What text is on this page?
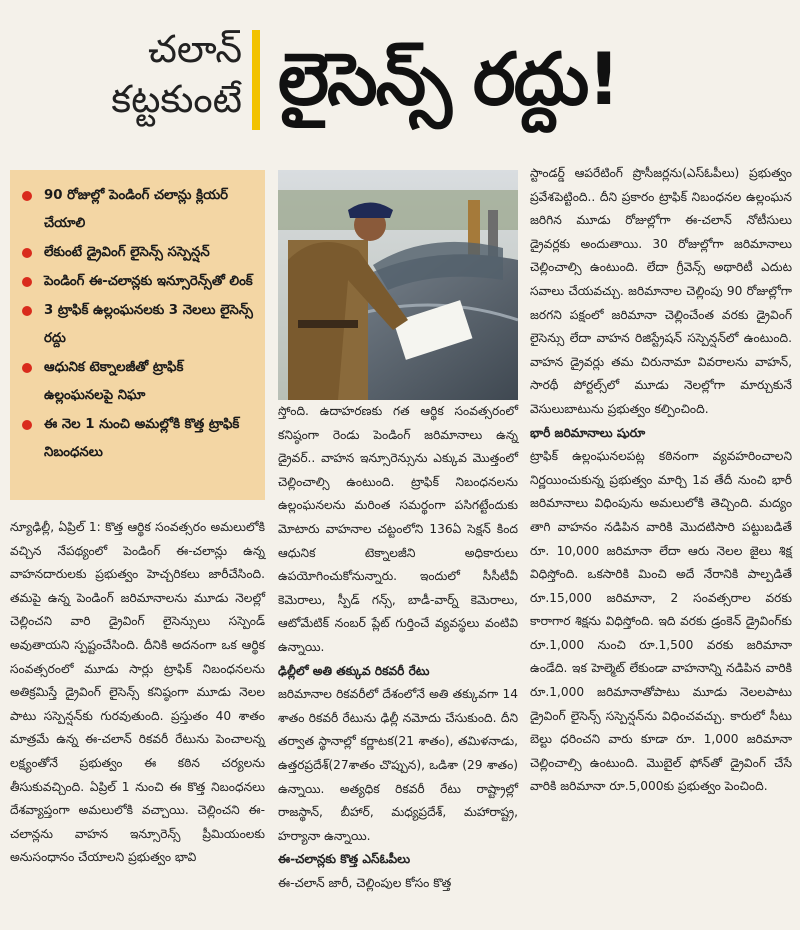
చలాన్
కట్టకుంటే లైసెన్స్ రద్దు!
90 రోజుల్లో పెండింగ్ చలాన్లు క్లియర్ చేయాలి
లేకుంటే డ్రైవింగ్ లైసెన్స్ సస్పెన్షన్
పెండింగ్ ఈ-చలాన్లకు ఇన్సూరెన్స్‌తో లింక్
3 ట్రాఫిక్ ఉల్లంఘనలకు 3 నెలలు లైసెన్స్ రద్దు
ఆధునిక టెక్నాలజీతో ట్రాఫిక్ ఉల్లంఘనలపై నిఘా
ఈ నెల 1 నుంచి అమల్లోకి కొత్త ట్రాఫిక్ నిబంధనలు

న్యూఢిల్లీ, ఏప్రిల్ 1: కొత్త ఆర్థిక సంవత్సరం అమలులోకి వచ్చిన నేపథ్యంలో పెండింగ్ ఈ-చలాన్లు ఉన్న వాహనదారులకు ప్రభుత్వం హెచ్చరికలు జారీచేసింది. తమపై ఉన్న పెండింగ్ జరిమానాలను మూడు నెలల్లో చెల్లించని వారి డ్రైవింగ్ లైసెన్సులు సస్పెండ్ అవుతాయని స్పష్టంచేసింది. దీనికి అదనంగా ఒక ఆర్థిక సంవత్సరంలో మూడు సార్లు ట్రాఫిక్ నిబంధనలను అతిక్రమిస్తే డ్రైవింగ్ లైసెన్స్ కనిష్ఠంగా మూడు నెలల పాటు సస్పెన్షన్‌కు గురవుతుంది. ప్రస్తుతం 40 శాతం మాత్రమే ఉన్న ఈ-చలాన్ రికవరీ రేటును పెంచాలన్న లక్ష్యంతోనే ప్రభుత్వం ఈ కఠిన చర్యలను తీసుకువచ్చింది. ఏప్రిల్ 1 నుంచి ఈ కొత్త నిబంధనలు దేశవ్యాప్తంగా అమలులోకి వచ్చాయి. చెల్లించని ఈ-చలాన్లను వాహన ఇన్సూరెన్స్ ప్రీమియంలకు అనుసంధానం చేయాలని ప్రభుత్వం భావి

స్తోంది. ఉదాహరణకు గత ఆర్థిక సంవత్సరంలో కనిష్ఠంగా రెండు పెండింగ్ జరిమానాలు ఉన్న డ్రైవర్.. వాహన ఇన్సూరెన్సును ఎక్కువ మొత్తంలో చెల్లించాల్సి ఉంటుంది. ట్రాఫిక్ నిబంధనలను ఉల్లంఘనలను మరింత సమర్థంగా పసిగట్టేందుకు మోటారు వాహనాల చట్టంలోని 136ఏ సెక్షన్ కింద ఆధునిక టెక్నాలజీని అధికారులు ఉపయోగించుకోనున్నారు. ఇందులో సీసీటీవీ కెమెరాలు, స్పీడ్ గన్స్, బాడీ-వార్న్ కెమెరాలు, ఆటోమేటిక్ నంబర్ ప్లేట్ గుర్తించే వ్యవస్థలు వంటివి ఉన్నాయి.

ఢిల్లీలో అతి తక్కువ రికవరీ రేటు

జరిమానాల రికవరీలో దేశంలోనే అతి తక్కువగా 14 శాతం రికవరీ రేటును ఢిల్లీ నమోదు చేసుకుంది. దీని తర్వాత స్థానాల్లో కర్ణాటక(21 శాతం), తమిళనాడు, ఉత్తరప్రదేశ్(27శాతం చొప్పున), ఒడిశా (29 శాతం) ఉన్నాయి. అత్యధిక రికవరీ రేటు రాష్ట్రాల్లో రాజస్థాన్, బీహార్, మధ్యప్రదేశ్, మహారాష్ట్ర, హర్యానా ఉన్నాయి.

ఈ-చలాన్లకు కొత్త ఎస్ఓపీలు

ఈ-చలాన్ జారీ, చెల్లింపుల కోసం కొత్త

స్టాండర్డ్ ఆపరేటింగ్ ప్రొసీజర్లను(ఎస్ఓపీలు) ప్రభుత్వం ప్రవేశపెట్టింది.. దీని ప్రకారం ట్రాఫిక్ నిబంధనల ఉల్లంఘన జరిగిన మూడు రోజుల్లోగా ఈ-చలాన్ నోటీసులు డ్రైవర్లకు అందుతాయి. 30 రోజుల్లోగా జరిమానాలు చెల్లించాల్సి ఉంటుంది. లేదా గ్రీవెన్స్ అథారిటీ ఎదుట సవాలు చేయవచ్చు. జరిమానాల చెల్లింపు 90 రోజుల్లోగా జరగని పక్షంలో జరిమానా చెల్లించేంత వరకు డ్రైవింగ్ లైసెన్సు లేదా వాహన రిజిస్ట్రేషన్ సస్పెన్షన్‌లో ఉంటుంది. వాహన డ్రైవర్లు తమ చిరునామా వివరాలను వాహన్, సారథీ పోర్టల్స్‌లో మూడు నెలల్లోగా మార్చుకునే వెసులుబాటును ప్రభుత్వం కల్పించింది.

భారీ జరిమానాలు షురూ

ట్రాఫిక్ ఉల్లంఘనలపట్ల కఠినంగా వ్యవహరించాలని నిర్ణయించుకున్న ప్రభుత్వం మార్చి 1వ తేదీ నుంచి భారీ జరిమానాలు విధింపును అమలులోకి తెచ్చింది. మద్యం తాగి వాహనం నడిపిన వారికి మొదటిసారి పట్టుబడితే రూ. 10,000 జరిమానా లేదా ఆరు నెలల జైలు శిక్ష విధిస్తోంది. ఒకసారికి మించి అదే నేరానికి పాల్పడితే రూ.15,000 జరిమానా, 2 సంవత్సరాల వరకు కారాగార శిక్షను విధిస్తోంది. ఇది వరకు డ్రంకెన్ డ్రైవింగ్‌కు రూ.1,000 నుంచి రూ.1,500 వరకు జరిమానా ఉండేది. ఇక హెల్మెట్ లేకుండా వాహనాన్ని నడిపిన వారికి రూ.1,000 జరిమానాతోపాటు మూడు నెలలపాటు డ్రైవింగ్ లైసెన్స్ సస్పెన్షన్‌ను విధించవచ్చు. కారులో సీటు బెల్టు ధరించని వారు కూడా రూ. 1,000 జరిమానా చెల్లించాల్సి ఉంటుంది. మొబైల్ ఫోన్‌తో డ్రైవింగ్ చేసే వారికి జరిమానా రూ.5,000కు ప్రభుత్వం పెంచింది.
